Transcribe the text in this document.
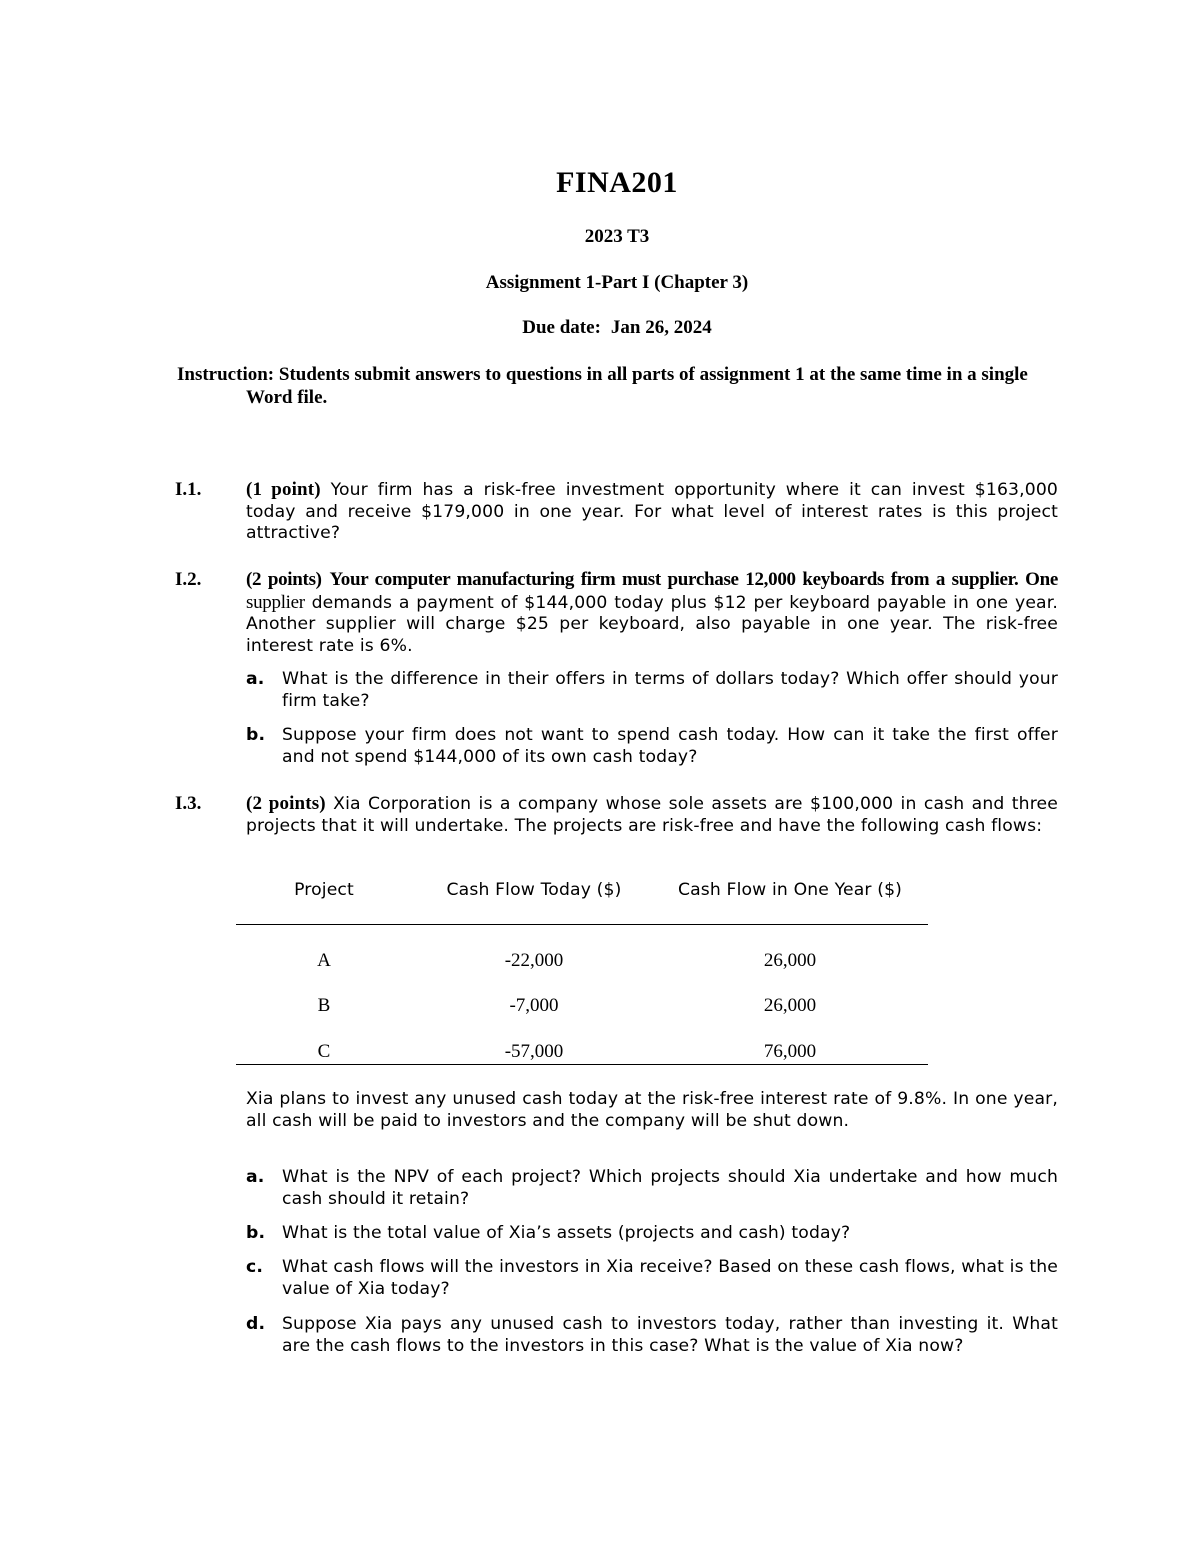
FINA201
2023 T3
Assignment 1-Part I (Chapter 3)
Due date: Jan 26, 2024
Instruction: Students submit answers to questions in all parts of assignment 1 at the same time in a single
Word file.
I.1. (1 point) Your firm has a risk-free investment opportunity where it can invest $163,000 today and receive $179,000 in one year. For what level of interest rates is this project attractive?
I.2. (2 points) Your computer manufacturing firm must purchase 12,000 keyboards from a supplier. One supplier demands a payment of $144,000 today plus $12 per keyboard payable in one year. Another supplier will charge $25 per keyboard, also payable in one year. The risk-free interest rate is 6%.
a. What is the difference in their offers in terms of dollars today? Which offer should your firm take?
b. Suppose your firm does not want to spend cash today. How can it take the first offer and not spend $144,000 of its own cash today?
I.3. (2 points) Xia Corporation is a company whose sole assets are $100,000 in cash and three projects that it will undertake. The projects are risk-free and have the following cash flows:
Project	Cash Flow Today ($)	Cash Flow in One Year ($)
A	-22,000	26,000
B	-7,000	26,000
C	-57,000	76,000
Xia plans to invest any unused cash today at the risk-free interest rate of 9.8%. In one year, all cash will be paid to investors and the company will be shut down.
a. What is the NPV of each project? Which projects should Xia undertake and how much cash should it retain?
b. What is the total value of Xia’s assets (projects and cash) today?
c. What cash flows will the investors in Xia receive? Based on these cash flows, what is the value of Xia today?
d. Suppose Xia pays any unused cash to investors today, rather than investing it. What are the cash flows to the investors in this case? What is the value of Xia now?
